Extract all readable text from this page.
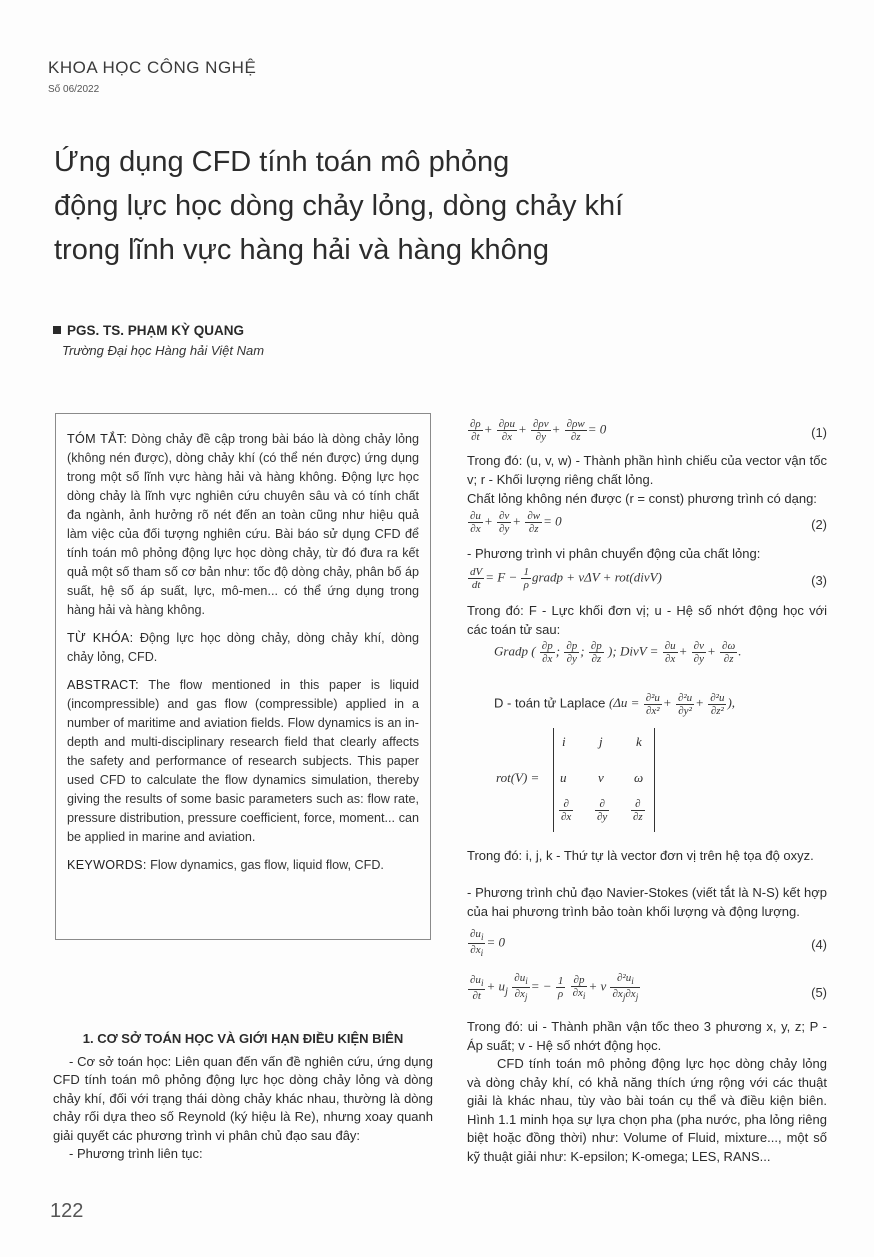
KHOA HỌC CÔNG NGHỆ
Số 06/2022
Ứng dụng CFD tính toán mô phỏng
động lực học dòng chảy lỏng, dòng chảy khí
trong lĩnh vực hàng hải và hàng không
PGS. TS. PHẠM KỲ QUANG
Trường Đại học Hàng hải Việt Nam

TÓM TẮT: Dòng chảy đề cập trong bài báo là dòng chảy lỏng (không nén được), dòng chảy khí (có thể nén được) ứng dụng trong một số lĩnh vực hàng hải và hàng không. Động lực học dòng chảy là lĩnh vực nghiên cứu chuyên sâu và có tính chất đa ngành, ảnh hưởng rõ nét đến an toàn cũng như hiệu quả làm việc của đối tượng nghiên cứu. Bài báo sử dụng CFD để tính toán mô phỏng động lực học dòng chảy, từ đó đưa ra kết quả một số tham số cơ bản như: tốc độ dòng chảy, phân bố áp suất, hệ số áp suất, lực, mô-men... có thể ứng dụng trong hàng hải và hàng không.

TỪ KHÓA: Động lực học dòng chảy, dòng chảy khí, dòng chảy lỏng, CFD.

ABSTRACT: The flow mentioned in this paper is liquid (incompressible) and gas flow (compressible) applied in a number of maritime and aviation fields. Flow dynamics is an in-depth and multi-disciplinary research field that clearly affects the safety and performance of research subjects. This paper used CFD to calculate the flow dynamics simulation, thereby giving the results of some basic parameters such as: flow rate, pressure distribution, pressure coefficient, force, moment... can be applied in marine and aviation.

KEYWORDS: Flow dynamics, gas flow, liquid flow, CFD.

1. CƠ SỞ TOÁN HỌC VÀ GIỚI HẠN ĐIỀU KIỆN BIÊN

- Cơ sở toán học: Liên quan đến vấn đề nghiên cứu, ứng dụng CFD tính toán mô phỏng động lực học dòng chảy lỏng và dòng chảy khí, đối với trạng thái dòng chảy khác nhau, thường là dòng chảy rối dựa theo số Reynold (ký hiệu là Re), nhưng xoay quanh giải quyết các phương trình vi phân chủ đạo sau đây:

- Phương trình liên tục:

$\frac{\partial\rho}{\partial t} + \frac{\partial\rho u}{\partial x} + \frac{\partial\rho v}{\partial y} + \frac{\partial\rho w}{\partial z} = 0$	(1)
Trong đó: (u, v, w) - Thành phần hình chiếu của vector vận tốc v; r - Khối lượng riêng chất lỏng.
Chất lỏng không nén được (r = const) phương trình có dạng:
$\frac{\partial u}{\partial x} + \frac{\partial v}{\partial y} + \frac{\partial w}{\partial z} = 0$	(2)
- Phương trình vi phân chuyển động của chất lỏng:
$\frac{dV}{dt} = F - \frac{1}{\rho}$ gradp + νΔV + rot(divV)	(3)
Trong đó: F - Lực khối đơn vị; u - Hệ số nhớt động học với các toán tử sau:
Gradp ( $\frac{\partial p}{\partial x}$ ; $\frac{\partial p}{\partial y}$ ; $\frac{\partial p}{\partial z}$ ); DivV = $\frac{\partial u}{\partial x} + \frac{\partial v}{\partial y} + \frac{\partial\omega}{\partial z}$ .
D - toán tử Laplace ($\Delta u = \frac{\text{∂²u}}{\text{∂x²}} + \frac{\text{∂²u}}{\text{∂y²}} + \frac{\text{∂²u}}{\text{∂z²}}$ ),
rot(V) =
i	j	k
u v ω
$\frac{\partial}{\partial x} \frac{\partial}{\partial y} \frac{\partial}{\partial z}$
Trong đó: i, j, k - Thứ tự là vector đơn vị trên hệ tọa độ oxyz.
- Phương trình chủ đạo Navier-Stokes (viết tắt là N-S) kết hợp của hai phương trình bảo toàn khối lượng và động lượng.
$\frac{\partial u_i}{\partial x_i} = 0$	(4)
$\frac{\partial u_i}{\partial t} + u_j \frac{\partial u_i}{\partial x_j}$ = − $\frac{1}{\rho}$
$\frac{\partial p}{\partial x_i} + \nu \frac{\partial^2u_i}{\partial x_j\partial x_j}$	(5)
Trong đó: ui - Thành phần vận tốc theo 3 phương x, y, z; P - Áp suất; v - Hệ số nhớt động học.
CFD tính toán mô phỏng động lực học dòng chảy lỏng và dòng chảy khí, có khả năng thích ứng rộng với các thuật giải là khác nhau, tùy vào bài toán cụ thể và điều kiện biên. Hình 1.1 minh họa sự lựa chọn pha (pha nước, pha lỏng riêng biệt hoặc đồng thời) như: Volume of Fluid, mixture..., một số kỹ thuật giải như: K-epsilon; K-omega; LES, RANS...
122
